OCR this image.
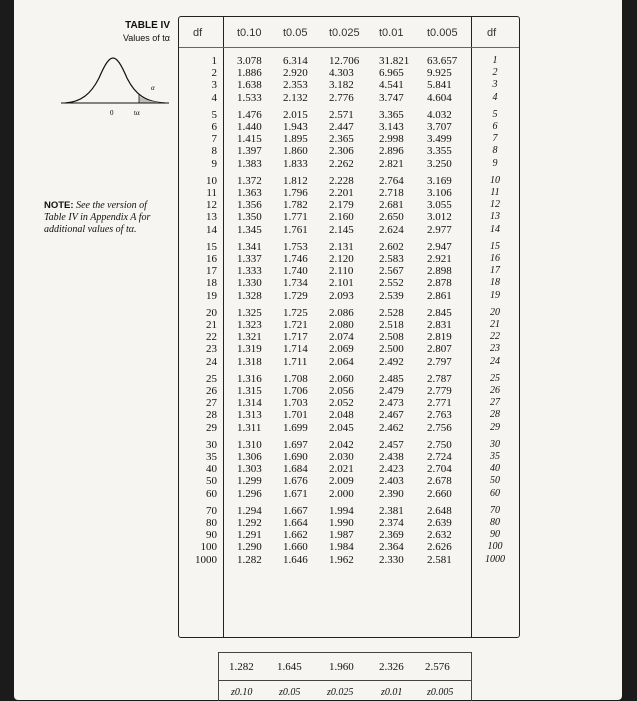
TABLE IV
Values of tα
0	tα
α
NOTE: See the version of Table IV in Appendix A for additional values of tα.
df	t0.10 t0.05 t0.025 t0.01 t0.005	df
1 3.078	6.314	12.706	31.821	63.657	1
2 1.886	2.920	4.303	6.965	9.925	2
3 1.638	2.353	3.182	4.541	5.841	3
4 1.533	2.132	2.776	3.747	4.604	4
5 1.476	2.015	2.571	3.365	4.032	5
6 1.440	1.943	2.447	3.143	3.707	6
7 1.415	1.895	2.365	2.998	3.499	7
8 1.397	1.860	2.306	2.896	3.355	8
9 1.383	1.833	2.262	2.821	3.250	9
10 1.372	1.812	2.228	2.764	3.169	10
11 1.363	1.796	2.201	2.718	3.106	11
12 1.356	1.782	2.179	2.681	3.055	12
13 1.350	1.771	2.160	2.650	3.012	13
14 1.345	1.761	2.145	2.624	2.977	14
15 1.341	1.753	2.131	2.602	2.947	15
16 1.337	1.746	2.120	2.583	2.921	16
17 1.333	1.740	2.110	2.567	2.898	17
18 1.330	1.734	2.101	2.552	2.878	18
19 1.328	1.729	2.093	2.539	2.861	19
20 1.325	1.725	2.086	2.528	2.845	20
21 1.323	1.721	2.080	2.518	2.831	21
22 1.321	1.717	2.074	2.508	2.819	22
23 1.319	1.714	2.069	2.500	2.807	23
24 1.318	1.711	2.064	2.492	2.797	24
25 1.316	1.708	2.060	2.485	2.787	25
26 1.315	1.706	2.056	2.479	2.779	26
27 1.314	1.703	2.052	2.473	2.771	27
28 1.313	1.701	2.048	2.467	2.763	28
29 1.311	1.699	2.045	2.462	2.756	29
30 1.310	1.697	2.042	2.457	2.750	30
35 1.306	1.690	2.030	2.438	2.724	35
40 1.303	1.684	2.021	2.423	2.704	40
50 1.299	1.676	2.009	2.403	2.678	50
60 1.296	1.671	2.000	2.390	2.660	60
70 1.294	1.667	1.994	2.381	2.648	70
80 1.292	1.664	1.990	2.374	2.639	80
90 1.291	1.662	1.987	2.369	2.632	90
100 1.290	1.660	1.984	2.364	2.626	100
1000 1.282	1.646	1.962	2.330	2.581	1000
1.282 1.645 1.960 2.326 2.576
z0.10	z0.05	z0.025	z0.01 z0.005
